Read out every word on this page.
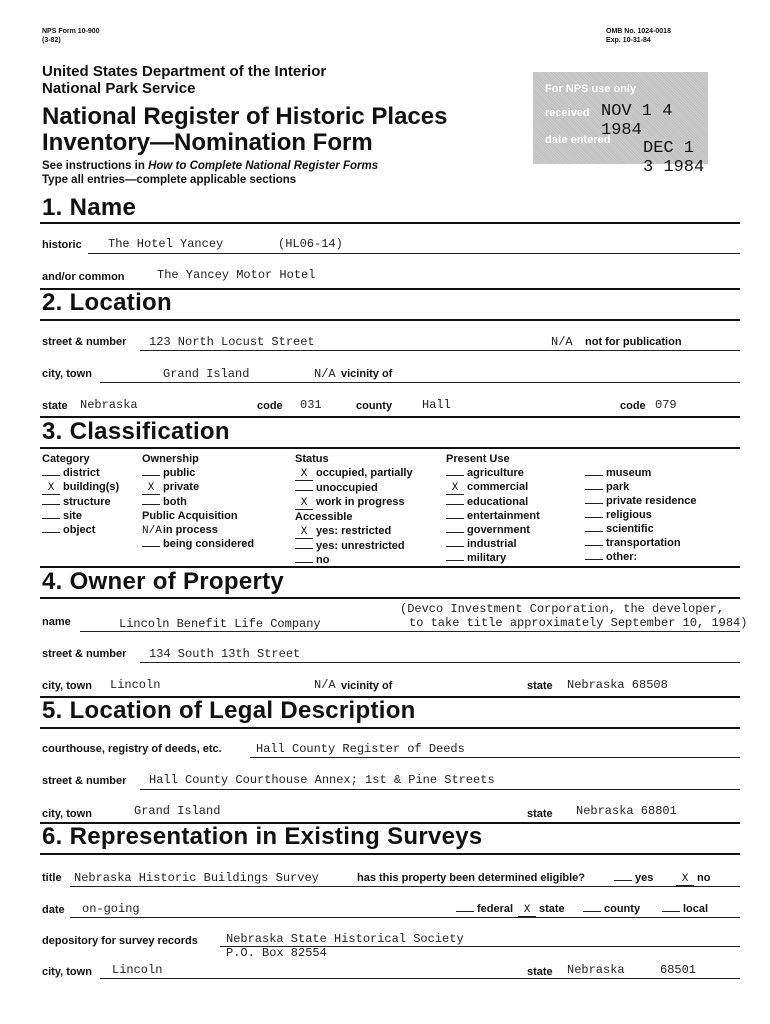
NPS Form 10-900
(3-82)
OMB No. 1024-0018
Exp. 10-31-84
United States Department of the Interior
National Park Service
National Register of Historic Places
Inventory—Nomination Form
See instructions in How to Complete National Register Forms
Type all entries—complete applicable sections
For NPS use only
received NOV 1 4 1984
date entered DEC 1 3 1984
1. Name
historic The Hotel Yancey	(HL06-14)
and/or common	The Yancey Motor Hotel
2. Location
street & number 123 North Locust Street	N/A not for publication
city, town	Grand Island	N/A vicinity of
state Nebraska	code 031	county Hall	code 079
3. Classification
Category
district
X building(s)
structure
site
object
Ownership
public
X private
both
Public Acquisition
N/Ain process
being considered
Status
X occupied, partially
unoccupied
X work in progress
Accessible
X yes: restricted
yes: unrestricted
no
Present Use
agriculture
X commercial
educational
entertainment
government
industrial
military
museum
park
private residence
religious
scientific
transportation
other:
4. Owner of Property
(Devco Investment Corporation, the developer,
to take title approximately September 10, 1984)
name	Lincoln Benefit Life Company
street & number 134 South 13th Street
city, town Lincoln	N/A vicinity of	state Nebraska 68508
5. Location of Legal Description
courthouse, registry of deeds, etc.	Hall County Register of Deeds
street & number Hall County Courthouse Annex; 1st & Pine Streets
city, town	Grand Island	state Nebraska 68801
6. Representation in Existing Surveys
title Nebraska Historic Buildings Survey	has this property been determined eligible?	yes	X no
date on-going	federal X state	county	local
depository for survey records Nebraska State Historical Society
P.O. Box 82554
city, town Lincoln	state Nebraska	68501
